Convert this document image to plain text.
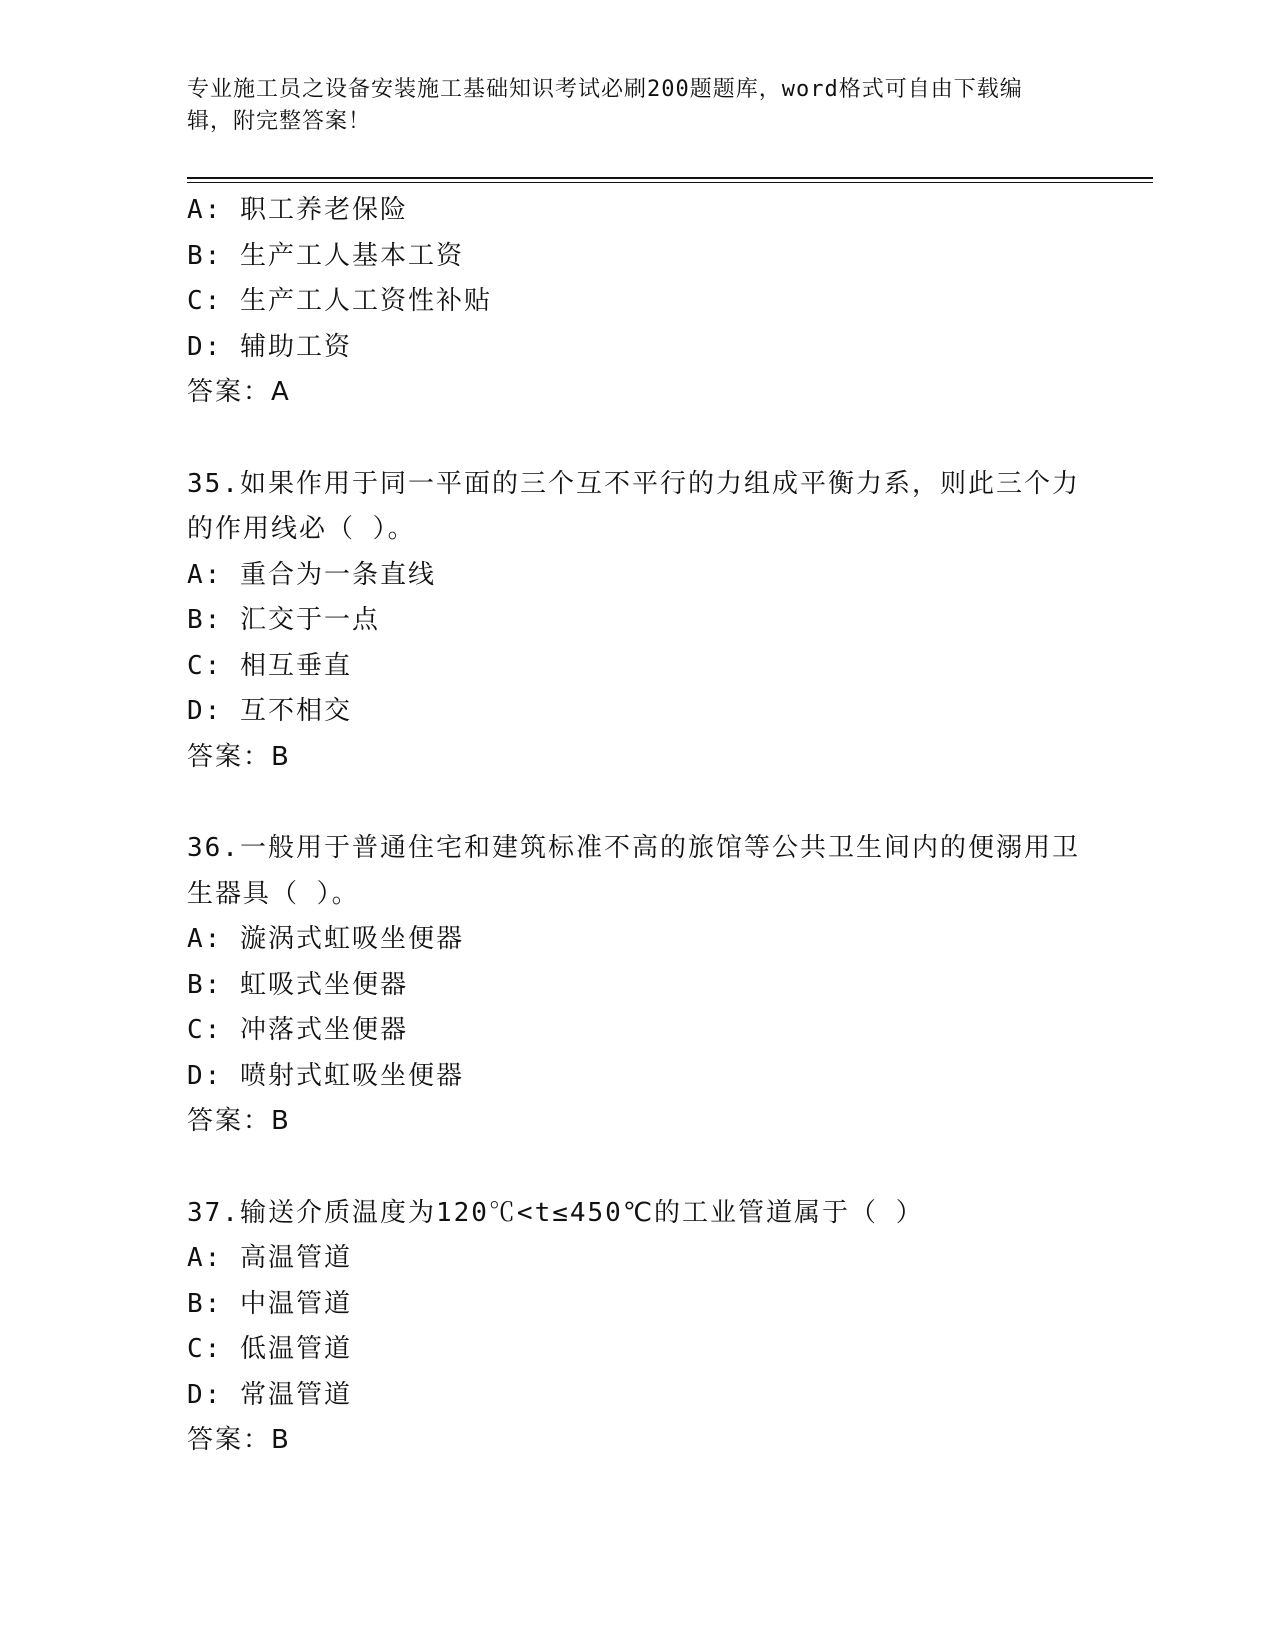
专业施工员之设备安装施工基础知识考试必刷200题题库，word格式可自由下载编辑，附完整答案！
A: 职工养老保险
B: 生产工人基本工资
C: 生产工人工资性补贴
D: 辅助工资
答案：A
35.如果作用于同一平面的三个互不平行的力组成平衡力系，则此三个力的作用线必（ ）。
A: 重合为一条直线
B: 汇交于一点
C: 相互垂直
D: 互不相交
答案：B
36.一般用于普通住宅和建筑标准不高的旅馆等公共卫生间内的便溺用卫生器具（ ）。
A: 漩涡式虹吸坐便器
B: 虹吸式坐便器
C: 冲落式坐便器
D: 喷射式虹吸坐便器
答案：B
37.输送介质温度为120℃<t≤450℃的工业管道属于（ ）
A: 高温管道
B: 中温管道
C: 低温管道
D: 常温管道
答案：B
